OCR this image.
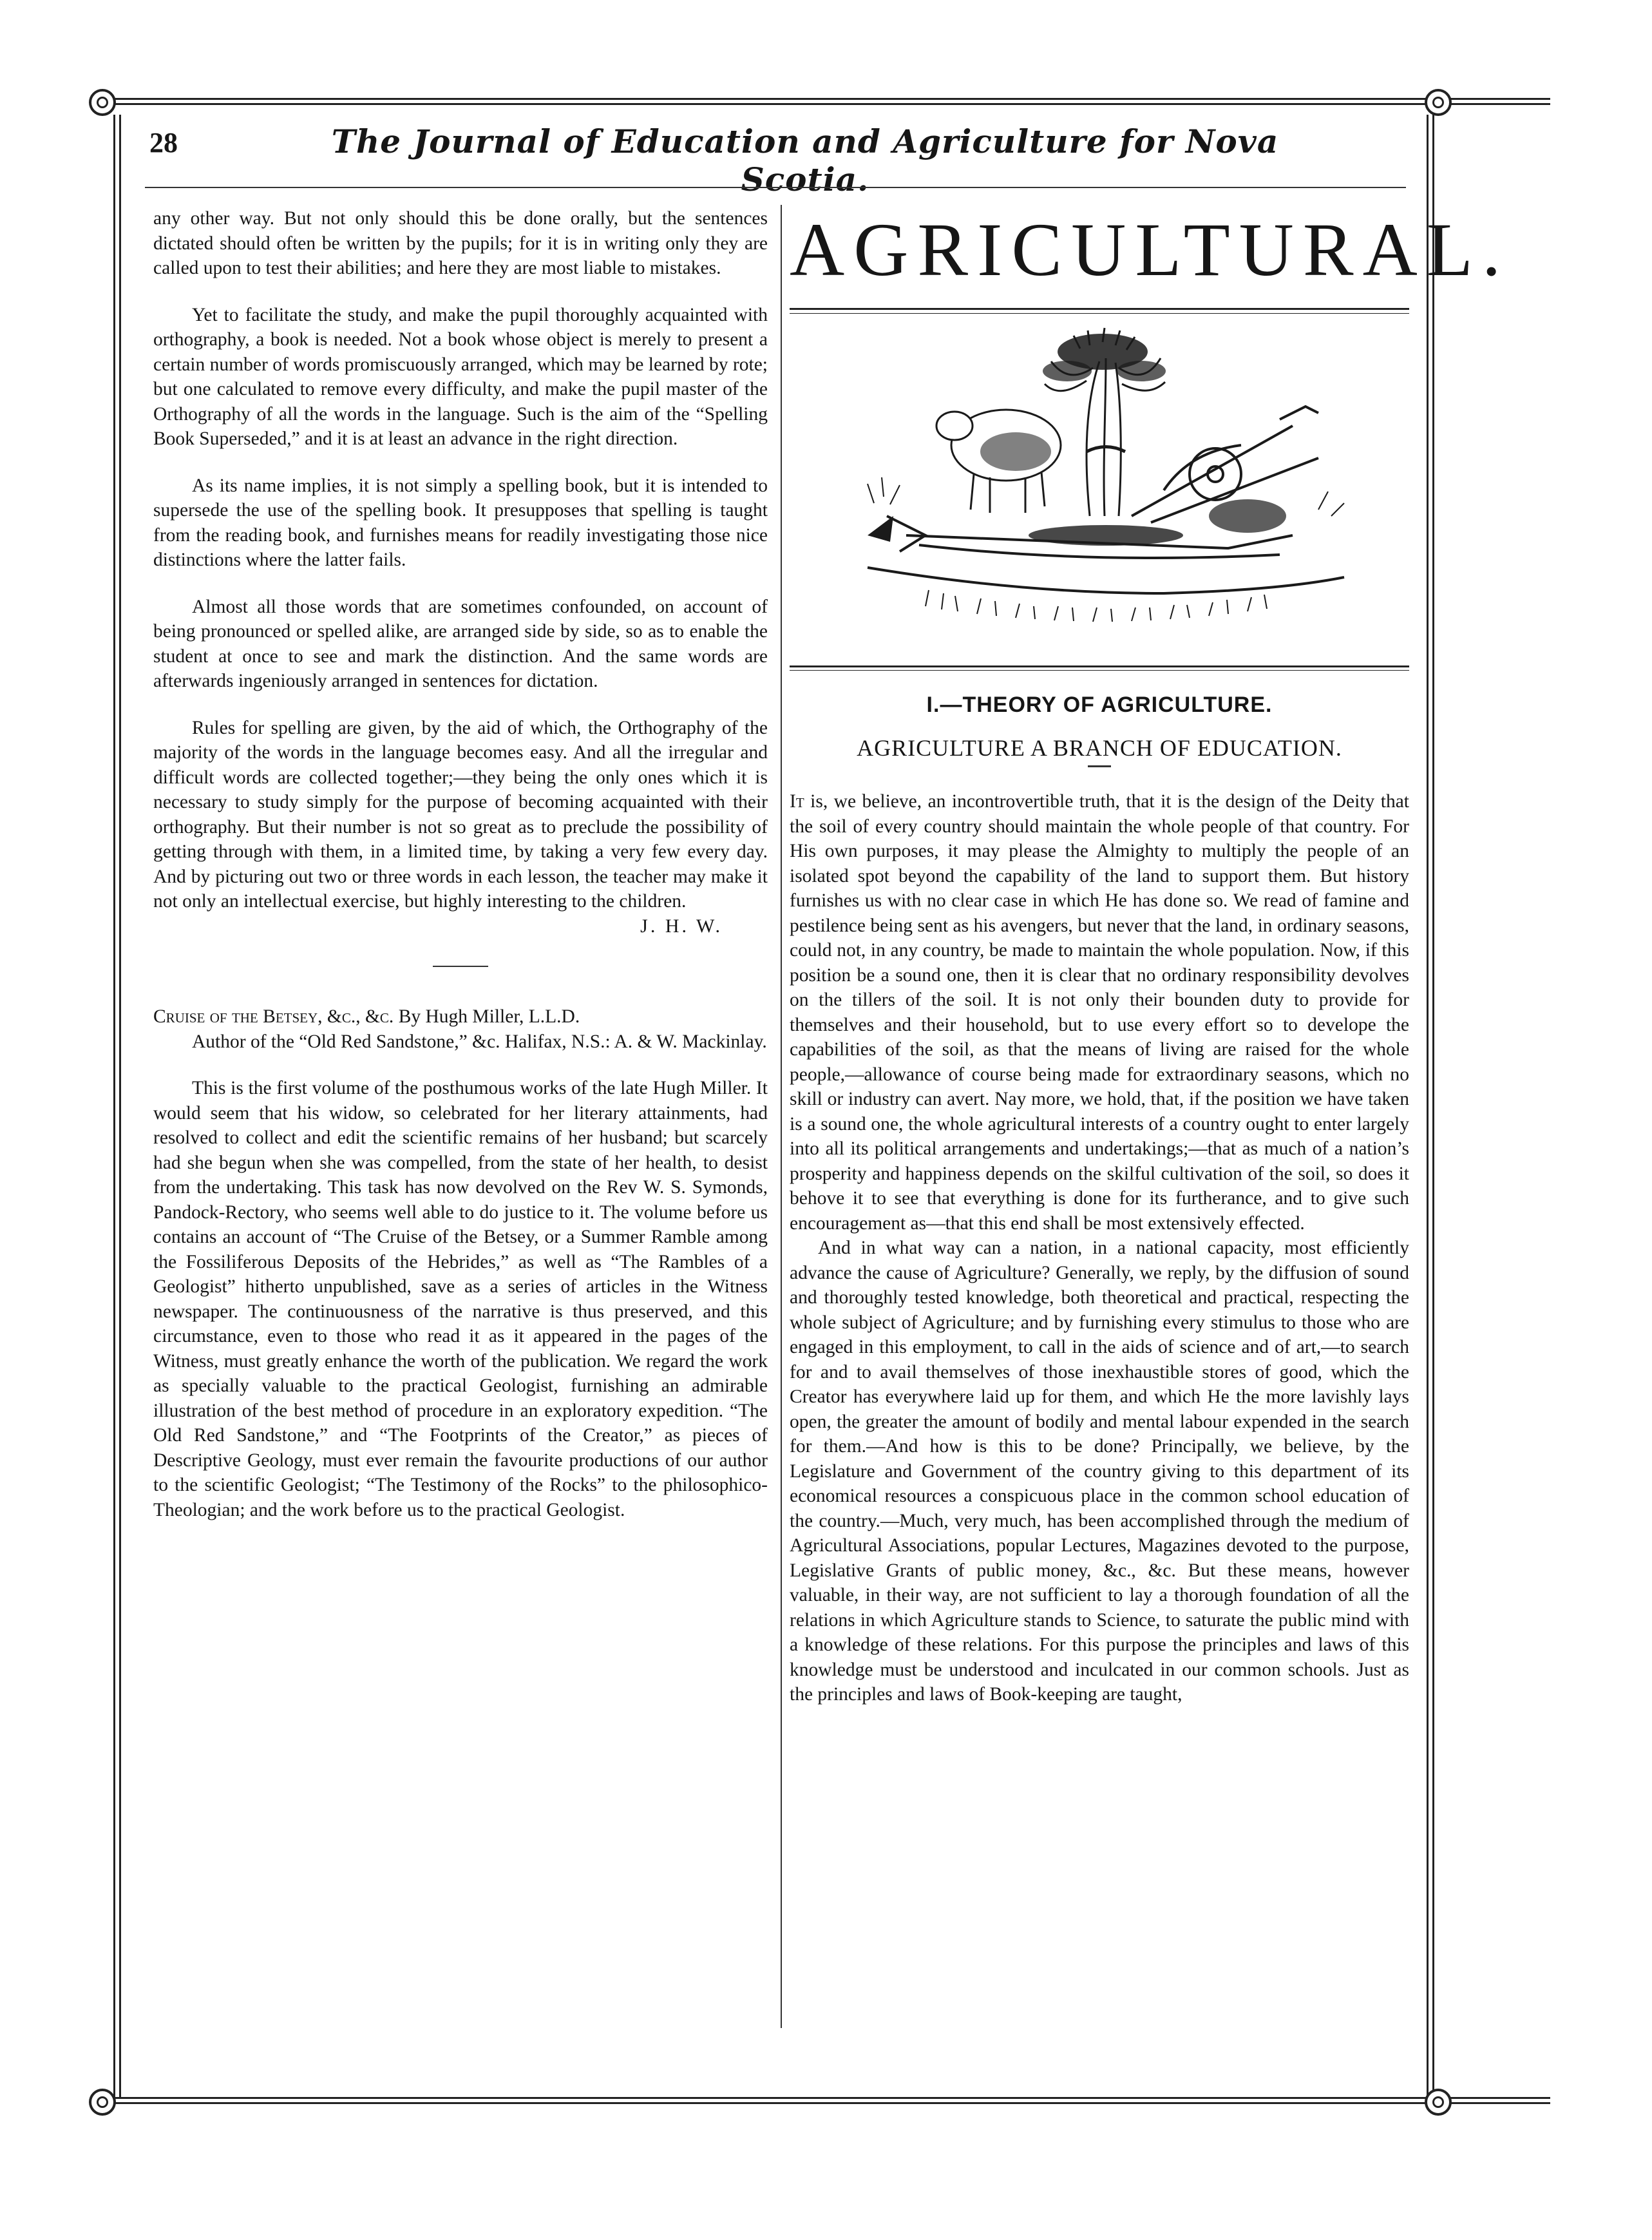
28	The Journal of Education and Agriculture for Nova Scotia.

any other way. But not only should this be done orally, but the sentences dictated should often be written by the pupils; for it is in writing only they are called upon to test their abilities; and here they are most liable to mistakes.

Yet to facilitate the study, and make the pupil thoroughly acquainted with orthography, a book is needed. Not a book whose object is merely to present a certain number of words promiscuously arranged, which may be learned by rote; but one calculated to remove every difficulty, and make the pupil master of the Orthography of all the words in the language. Such is the aim of the “Spelling Book Superseded,” and it is at least an advance in the right direction.

As its name implies, it is not simply a spelling book, but it is intended to supersede the use of the spelling book. It presupposes that spelling is taught from the reading book, and furnishes means for readily investigating those nice distinctions where the latter fails.

Almost all those words that are sometimes confounded, on account of being pronounced or spelled alike, are arranged side by side, so as to enable the student at once to see and mark the distinction. And the same words are afterwards ingeniously arranged in sentences for dictation.

Rules for spelling are given, by the aid of which, the Orthography of the majority of the words in the language becomes easy. And all the irregular and difficult words are collected together;—they being the only ones which it is necessary to study simply for the purpose of becoming acquainted with their orthography. But their number is not so great as to preclude the possibility of getting through with them, in a limited time, by taking a very few every day. And by picturing out two or three words in each lesson, the teacher may make it not only an intellectual exercise, but highly interesting to the children.

J. H. W.

Cruise of the Betsey, &c., &c. By Hugh Miller, L.L.D.
Author of the “Old Red Sandstone,” &c. Halifax, N.S.: A. & W. Mackinlay.

This is the first volume of the posthumous works of the late Hugh Miller. It would seem that his widow, so celebrated for her literary attainments, had resolved to collect and edit the scientific remains of her husband; but scarcely had she begun when she was compelled, from the state of her health, to desist from the undertaking. This task has now devolved on the Rev W. S. Symonds, Pandock-Rectory, who seems well able to do justice to it. The volume before us contains an account of “The Cruise of the Betsey, or a Summer Ramble among the Fossiliferous Deposits of the Hebrides,” as well as “The Rambles of a Geologist” hitherto unpublished, save as a series of articles in the Witness newspaper. The continuousness of the narrative is thus preserved, and this circumstance, even to those who read it as it appeared in the pages of the Witness, must greatly enhance the worth of the publication. We regard the work as specially valuable to the practical Geologist, furnishing an admirable illustration of the best method of procedure in an exploratory expedition. “The Old Red Sandstone,” and “The Footprints of the Creator,” as pieces of Descriptive Geology, must ever remain the favourite productions of our author to the scientific Geologist; “The Testimony of the Rocks” to the philosophico-Theologian; and the work before us to the practical Geologist.

AGRICULTURAL.
I.—THEORY OF AGRICULTURE.
AGRICULTURE A BRANCH OF EDUCATION.

It is, we believe, an incontrovertible truth, that it is the design of the Deity that the soil of every country should maintain the whole people of that country. For His own purposes, it may please the Almighty to multiply the people of an isolated spot beyond the capability of the land to support them. But history furnishes us with no clear case in which He has done so. We read of famine and pestilence being sent as his avengers, but never that the land, in ordinary seasons, could not, in any country, be made to maintain the whole population. Now, if this position be a sound one, then it is clear that no ordinary responsibility devolves on the tillers of the soil. It is not only their bounden duty to provide for themselves and their household, but to use every effort so to develope the capabilities of the soil, as that the means of living are raised for the whole people,—allowance of course being made for extraordinary seasons, which no skill or industry can avert. Nay more, we hold, that, if the position we have taken is a sound one, the whole agricultural interests of a country ought to enter largely into all its political arrangements and undertakings;—that as much of a nation’s prosperity and happiness depends on the skilful cultivation of the soil, so does it behove it to see that everything is done for its furtherance, and to give such encouragement as—that this end shall be most extensively effected.

And in what way can a nation, in a national capacity, most efficiently advance the cause of Agriculture? Generally, we reply, by the diffusion of sound and thoroughly tested knowledge, both theoretical and practical, respecting the whole subject of Agriculture; and by furnishing every stimulus to those who are engaged in this employment, to call in the aids of science and of art,—to search for and to avail themselves of those inexhaustible stores of good, which the Creator has everywhere laid up for them, and which He the more lavishly lays open, the greater the amount of bodily and mental labour expended in the search for them.—And how is this to be done? Principally, we believe, by the Legislature and Government of the country giving to this department of its economical resources a conspicuous place in the common school education of the country.—Much, very much, has been accomplished through the medium of Agricultural Associations, popular Lectures, Magazines devoted to the purpose, Legislative Grants of public money, &c., &c. But these means, however valuable, in their way, are not sufficient to lay a thorough foundation of all the relations in which Agriculture stands to Science, to saturate the public mind with a knowledge of these relations. For this purpose the principles and laws of this knowledge must be understood and inculcated in our common schools. Just as the principles and laws of Book-keeping are taught,
